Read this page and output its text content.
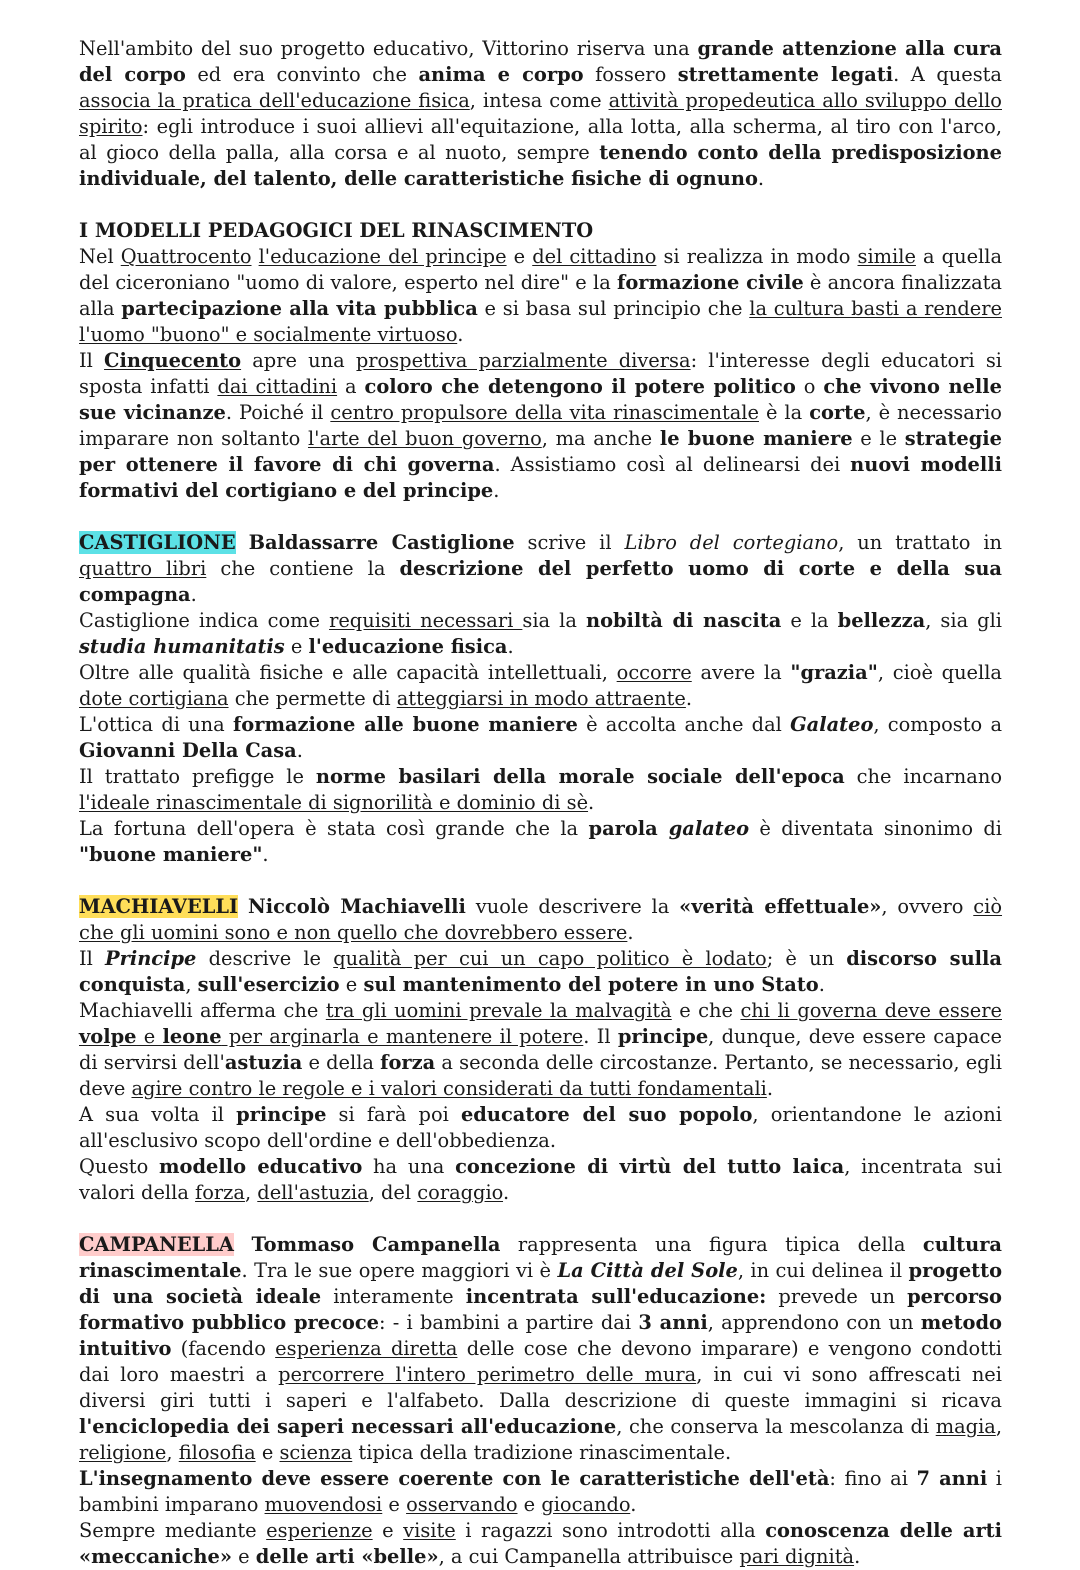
Nell'ambito del suo progetto educativo, Vittorino riserva una grande attenzione alla cura del corpo ed era convinto che anima e corpo fossero strettamente legati. A questa associa la pratica dell'educazione fisica, intesa come attività propedeutica allo sviluppo dello spirito: egli introduce i suoi allievi all'equitazione, alla lotta, alla scherma, al tiro con l'arco, al gioco della palla, alla corsa e al nuoto, sempre tenendo conto della predisposizione individuale, del talento, delle caratteristiche fisiche di ognuno.

I MODELLI PEDAGOGICI DEL RINASCIMENTO

Nel Quattrocento l'educazione del principe e del cittadino si realizza in modo simile a quella del ciceroniano "uomo di valore, esperto nel dire" e la formazione civile è ancora finalizzata alla partecipazione alla vita pubblica e si basa sul principio che la cultura basti a rendere l'uomo "buono" e socialmente virtuoso.

Il Cinquecento apre una prospettiva parzialmente diversa: l'interesse degli educatori si sposta infatti dai cittadini a coloro che detengono il potere politico o che vivono nelle sue vicinanze. Poiché il centro propulsore della vita rinascimentale è la corte, è necessario imparare non soltanto l'arte del buon governo, ma anche le buone maniere e le strategie per ottenere il favore di chi governa. Assistiamo così al delinearsi dei nuovi modelli formativi del cortigiano e del principe.

CASTIGLIONE Baldassarre Castiglione scrive il Libro del cortegiano, un trattato in quattro libri che contiene la descrizione del perfetto uomo di corte e della sua compagna.

Castiglione indica come requisiti necessari sia la nobiltà di nascita e la bellezza, sia gli studia humanitatis e l'educazione fisica.

Oltre alle qualità fisiche e alle capacità intellettuali, occorre avere la "grazia", cioè quella dote cortigiana che permette di atteggiarsi in modo attraente.

L'ottica di una formazione alle buone maniere è accolta anche dal Galateo, composto a Giovanni Della Casa.

Il trattato prefigge le norme basilari della morale sociale dell'epoca che incarnano l'ideale rinascimentale di signorilità e dominio di sè.

La fortuna dell'opera è stata così grande che la parola galateo è diventata sinonimo di "buone maniere".

MACHIAVELLI Niccolò Machiavelli vuole descrivere la «verità effettuale», ovvero ciò che gli uomini sono e non quello che dovrebbero essere.

Il Principe descrive le qualità per cui un capo politico è lodato; è un discorso sulla conquista, sull'esercizio e sul mantenimento del potere in uno Stato.

Machiavelli afferma che tra gli uomini prevale la malvagità e che chi li governa deve essere volpe e leone per arginarla e mantenere il potere. Il principe, dunque, deve essere capace di servirsi dell'astuzia e della forza a seconda delle circostanze. Pertanto, se necessario, egli deve agire contro le regole e i valori considerati da tutti fondamentali.

A sua volta il principe si farà poi educatore del suo popolo, orientandone le azioni all'esclusivo scopo dell'ordine e dell'obbedienza.

Questo modello educativo ha una concezione di virtù del tutto laica, incentrata sui valori della forza, dell'astuzia, del coraggio.

CAMPANELLA Tommaso Campanella rappresenta una figura tipica della cultura rinascimentale. Tra le sue opere maggiori vi è La Città del Sole, in cui delinea il progetto di una società ideale interamente incentrata sull'educazione: prevede un percorso formativo pubblico precoce: - i bambini a partire dai 3 anni, apprendono con un metodo intuitivo (facendo esperienza diretta delle cose che devono imparare) e vengono condotti dai loro maestri a percorrere l'intero perimetro delle mura, in cui vi sono affrescati nei diversi giri tutti i saperi e l'alfabeto. Dalla descrizione di queste immagini si ricava l'enciclopedia dei saperi necessari all'educazione, che conserva la mescolanza di magia, religione, filosofia e scienza tipica della tradizione rinascimentale.

L'insegnamento deve essere coerente con le caratteristiche dell'età: fino ai 7 anni i bambini imparano muovendosi e osservando e giocando.

Sempre mediante esperienze e visite i ragazzi sono introdotti alla conoscenza delle arti «meccaniche» e delle arti «belle», a cui Campanella attribuisce pari dignità.
